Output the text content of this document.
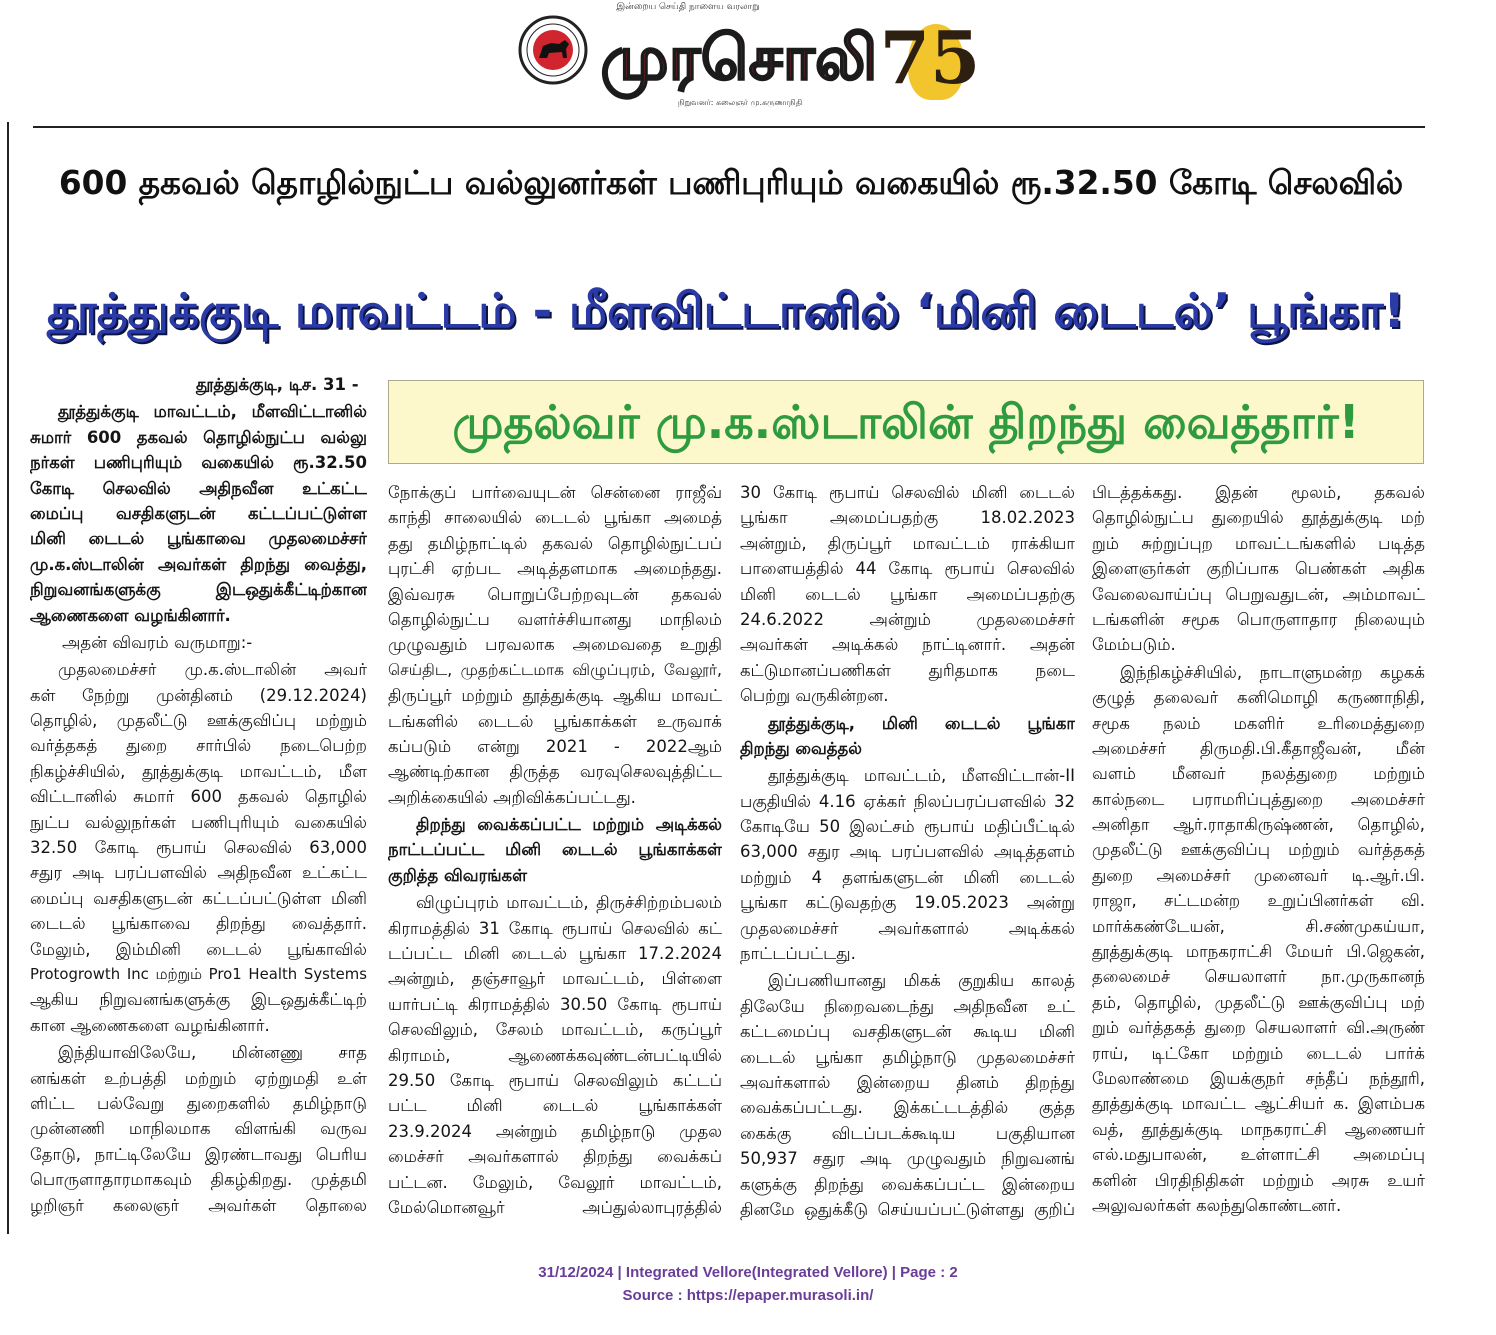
இன்றைய செய்தி நாளைய வரலாறு
முரசொலி
நிறுவனர்: கலைஞர் மு.கருணாநிதி
75
600 தகவல் தொழில்நுட்ப வல்லுனர்கள் பணிபுரியும் வகையில் ரூ.32.50 கோடி செலவில்
தூத்துக்குடி மாவட்டம் - மீளவிட்டானில் ‘மினி டைடல்’ பூங்கா!
முதல்வர் மு.க.ஸ்டாலின் திறந்து வைத்தார்!
தூத்துக்குடி, டிச. 31 -
தூத்துக்குடி மாவட்டம், மீளவிட்டானில்
சுமார் 600 தகவல் தொழில்நுட்ப வல்லு
நர்கள் பணிபுரியும் வகையில் ரூ.32.50
கோடி செலவில் அதிநவீன உட்கட்ட
மைப்பு வசதிகளுடன் கட்டப்பட்டுள்ள
மினி டைடல் பூங்காவை முதலமைச்சர்
மு.க.ஸ்டாலின் அவர்கள் திறந்து வைத்து,
நிறுவனங்களுக்கு இடஒதுக்கீட்டிற்கான
ஆணைகளை வழங்கினார்.
அதன் விவரம் வருமாறு:-
முதலமைச்சர் மு.க.ஸ்டாலின் அவர்
கள் நேற்று முன்தினம் (29.12.2024)
தொழில், முதலீட்டு ஊக்குவிப்பு மற்றும்
வர்த்தகத் துறை சார்பில் நடைபெற்ற
நிகழ்ச்சியில், தூத்துக்குடி மாவட்டம், மீள
விட்டானில் சுமார் 600 தகவல் தொழில்
நுட்ப வல்லுநர்கள் பணிபுரியும் வகையில்
32.50 கோடி ரூபாய் செலவில் 63,000
சதுர அடி பரப்பளவில் அதிநவீன உட்கட்ட
மைப்பு வசதிகளுடன் கட்டப்பட்டுள்ள மினி
டைடல் பூங்காவை திறந்து வைத்தார்.
மேலும், இம்மினி டைடல் பூங்காவில்
Protogrowth Inc மற்றும் Pro1 Health Systems
ஆகிய நிறுவனங்களுக்கு இடஒதுக்கீட்டிற்
கான ஆணைகளை வழங்கினார்.
இந்தியாவிலேயே, மின்னணு சாத
னங்கள் உற்பத்தி மற்றும் ஏற்றுமதி உள்
ளிட்ட பல்வேறு துறைகளில் தமிழ்நாடு
முன்னணி மாநிலமாக விளங்கி வருவ
தோடு, நாட்டிலேயே இரண்டாவது பெரிய
பொருளாதாரமாகவும் திகழ்கிறது. முத்தமி
ழறிஞர் கலைஞர் அவர்கள் தொலை
நோக்குப் பார்வையுடன் சென்னை ராஜீவ்
காந்தி சாலையில் டைடல் பூங்கா அமைத்
தது தமிழ்நாட்டில் தகவல் தொழில்நுட்பப்
புரட்சி ஏற்பட அடித்தளமாக அமைந்தது.
இவ்வரசு பொறுப்பேற்றவுடன் தகவல்
தொழில்நுட்ப வளர்ச்சியானது மாநிலம்
முழுவதும் பரவலாக அமைவதை உறுதி
செய்திட, முதற்கட்டமாக விழுப்புரம், வேலூர்,
திருப்பூர் மற்றும் தூத்துக்குடி ஆகிய மாவட்
டங்களில் டைடல் பூங்காக்கள் உருவாக்
கப்படும் என்று 2021 - 2022ஆம்
ஆண்டிற்கான திருத்த வரவுசெலவுத்திட்ட
அறிக்கையில் அறிவிக்கப்பட்டது.
திறந்து வைக்கப்பட்ட மற்றும் அடிக்கல்
நாட்டப்பட்ட மினி டைடல் பூங்காக்கள்
குறித்த விவரங்கள்
விழுப்புரம் மாவட்டம், திருச்சிற்றம்பலம்
கிராமத்தில் 31 கோடி ரூபாய் செலவில் கட்
டப்பட்ட மினி டைடல் பூங்கா 17.2.2024
அன்றும், தஞ்சாவூர் மாவட்டம், பிள்ளை
யார்பட்டி கிராமத்தில் 30.50 கோடி ரூபாய்
செலவிலும், சேலம் மாவட்டம், கருப்பூர்
கிராமம், ஆணைக்கவுண்டன்பட்டியில்
29.50 கோடி ரூபாய் செலவிலும் கட்டப்
பட்ட மினி டைடல் பூங்காக்கள்
23.9.2024 அன்றும் தமிழ்நாடு முதல
மைச்சர் அவர்களால் திறந்து வைக்கப்
பட்டன. மேலும், வேலூர் மாவட்டம்,
மேல்மொனவூர் அப்துல்லாபுரத்தில்
30 கோடி ரூபாய் செலவில் மினி டைடல்
பூங்கா அமைப்பதற்கு 18.02.2023
அன்றும், திருப்பூர் மாவட்டம் ராக்கியா
பாளையத்தில் 44 கோடி ரூபாய் செலவில்
மினி டைடல் பூங்கா அமைப்பதற்கு
24.6.2022 அன்றும் முதலமைச்சர்
அவர்கள் அடிக்கல் நாட்டினார். அதன்
கட்டுமானப்பணிகள் துரிதமாக நடை
பெற்று வருகின்றன.
தூத்துக்குடி, மினி டைடல் பூங்கா
திறந்து வைத்தல்
தூத்துக்குடி மாவட்டம், மீளவிட்டான்-II
பகுதியில் 4.16 ஏக்கர் நிலப்பரப்பளவில் 32
கோடியே 50 இலட்சம் ரூபாய் மதிப்பீட்டில்
63,000 சதுர அடி பரப்பளவில் அடித்தளம்
மற்றும் 4 தளங்களுடன் மினி டைடல்
பூங்கா கட்டுவதற்கு 19.05.2023 அன்று
முதலமைச்சர் அவர்களால் அடிக்கல்
நாட்டப்பட்டது.
இப்பணியானது மிகக் குறுகிய காலத்
திலேயே நிறைவடைந்து அதிநவீன உட்
கட்டமைப்பு வசதிகளுடன் கூடிய மினி
டைடல் பூங்கா தமிழ்நாடு முதலமைச்சர்
அவர்களால் இன்றைய தினம் திறந்து
வைக்கப்பட்டது. இக்கட்டடத்தில் குத்த
கைக்கு விடப்படக்கூடிய பகுதியான
50,937 சதுர அடி முழுவதும் நிறுவனங்
களுக்கு திறந்து வைக்கப்பட்ட இன்றைய
தினமே ஒதுக்கீடு செய்யப்பட்டுள்ளது குறிப்
பிடத்தக்கது. இதன் மூலம், தகவல்
தொழில்நுட்ப துறையில் தூத்துக்குடி மற்
றும் சுற்றுப்புற மாவட்டங்களில் படித்த
இளைஞர்கள் குறிப்பாக பெண்கள் அதிக
வேலைவாய்ப்பு பெறுவதுடன், அம்மாவட்
டங்களின் சமூக பொருளாதார நிலையும்
மேம்படும்.
இந்நிகழ்ச்சியில், நாடாளுமன்ற கழகக்
குழுத் தலைவர் கனிமொழி கருணாநிதி,
சமூக நலம் மகளிர் உரிமைத்துறை
அமைச்சர் திருமதி.பி.கீதாஜீவன், மீன்
வளம் மீனவர் நலத்துறை மற்றும்
கால்நடை பராமரிப்புத்துறை அமைச்சர்
அனிதா ஆர்.ராதாகிருஷ்ணன், தொழில்,
முதலீட்டு ஊக்குவிப்பு மற்றும் வர்த்தகத்
துறை அமைச்சர் முனைவர் டி.ஆர்.பி.
ராஜா, சட்டமன்ற உறுப்பினர்கள் வி.
மார்க்கண்டேயன், சி.சண்முகய்யா,
தூத்துக்குடி மாநகராட்சி மேயர் பி.ஜெகன்,
தலைமைச் செயலாளர் நா.முருகானந்
தம், தொழில், முதலீட்டு ஊக்குவிப்பு மற்
றும் வர்த்தகத் துறை செயலாளர் வி.அருண்
ராய், டிட்கோ மற்றும் டைடல் பார்க்
மேலாண்மை இயக்குநர் சந்தீப் நந்தூரி,
தூத்துக்குடி மாவட்ட ஆட்சியர் க. இளம்பக
வத், தூத்துக்குடி மாநகராட்சி ஆணையர்
எல்.மதுபாலன், உள்ளாட்சி அமைப்பு
களின் பிரதிநிதிகள் மற்றும் அரசு உயர்
அலுவலர்கள் கலந்துகொண்டனர்.
31/12/2024 | Integrated Vellore(Integrated Vellore) | Page : 2
Source : https://epaper.murasoli.in/
